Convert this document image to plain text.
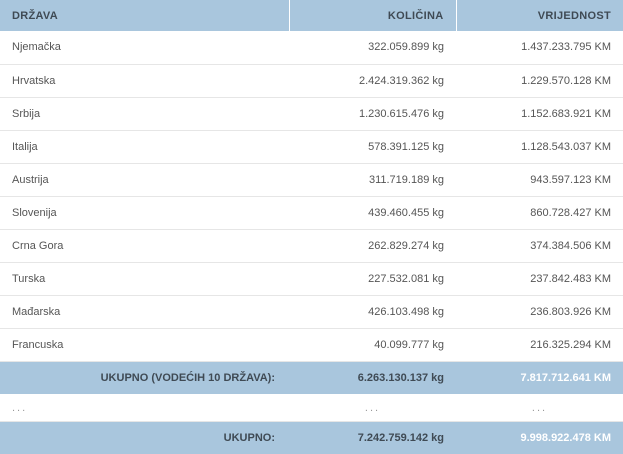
DRŽAVA	KOLIČINA	VRIJEDNOST
Njemačka	322.059.899 kg	1.437.233.795 KM
Hrvatska	2.424.319.362 kg	1.229.570.128 KM
Srbija	1.230.615.476 kg	1.152.683.921 KM
Italija	578.391.125 kg	1.128.543.037 KM
Austrija	311.719.189 kg	943.597.123 KM
Slovenija	439.460.455 kg	860.728.427 KM
Crna Gora	262.829.274 kg	374.384.506 KM
Turska	227.532.081 kg	237.842.483 KM
Mađarska	426.103.498 kg	236.803.926 KM
Francuska	40.099.777 kg	216.325.294 KM
UKUPNO (VODEĆIH 10 DRŽAVA):	6.263.130.137 kg	7.817.712.641 KM
...	...	...
UKUPNO:	7.242.759.142 kg	9.998.922.478 KM
